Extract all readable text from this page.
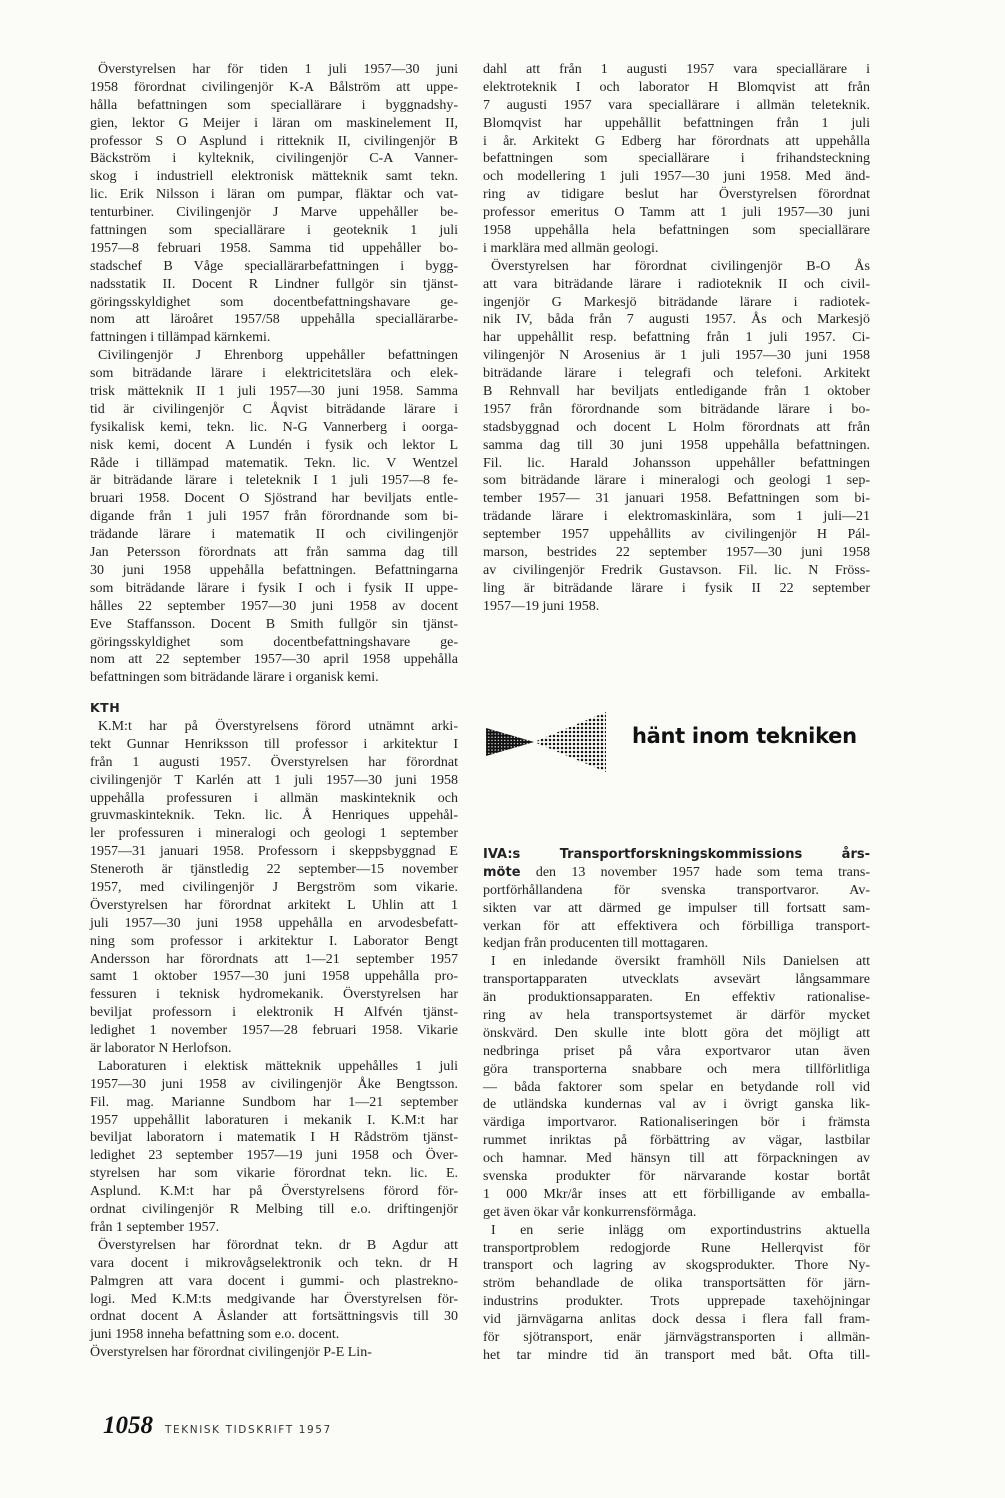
Överstyrelsen har för tiden 1 juli 1957—30 juni
1958 förordnat civilingenjör K-A Bålström att uppe-
hålla befattningen som speciallärare i byggnadshy-
gien, lektor G Meijer i läran om maskinelement II,
professor S O Asplund i ritteknik II, civilingenjör B
Bäckström i kylteknik, civilingenjör C-A Vanner-
skog i industriell elektronisk mätteknik samt tekn.
lic. Erik Nilsson i läran om pumpar, fläktar och vat-
tenturbiner. Civilingenjör J Marve uppehåller be-
fattningen som speciallärare i geoteknik 1 juli
1957—8 februari 1958. Samma tid uppehåller bo-
stadschef B Våge speciallärarbefattningen i bygg-
nadsstatik II. Docent R Lindner fullgör sin tjänst-
göringsskyldighet som docentbefattningshavare ge-
nom att läroåret 1957/58 uppehålla speciallärarbe-
fattningen i tillämpad kärnkemi.
Civilingenjör J Ehrenborg uppehåller befattningen
som biträdande lärare i elektricitetslära och elek-
trisk mätteknik II 1 juli 1957—30 juni 1958. Samma
tid är civilingenjör C Åqvist biträdande lärare i
fysikalisk kemi, tekn. lic. N-G Vannerberg i oorga-
nisk kemi, docent A Lundén i fysik och lektor L
Råde i tillämpad matematik. Tekn. lic. V Wentzel
är biträdande lärare i teleteknik I 1 juli 1957—8 fe-
bruari 1958. Docent O Sjöstrand har beviljats entle-
digande från 1 juli 1957 från förordnande som bi-
trädande lärare i matematik II och civilingenjör
Jan Petersson förordnats att från samma dag till
30 juni 1958 uppehålla befattningen. Befattningarna
som biträdande lärare i fysik I och i fysik II uppe-
hålles 22 september 1957—30 juni 1958 av docent
Eve Staffansson. Docent B Smith fullgör sin tjänst-
göringsskyldighet som docentbefattningshavare ge-
nom att 22 september 1957—30 april 1958 uppehålla
befattningen som biträdande lärare i organisk kemi.
KTH
K.M:t har på Överstyrelsens förord utnämnt arki-
tekt Gunnar Henriksson till professor i arkitektur I
från 1 augusti 1957. Överstyrelsen har förordnat
civilingenjör T Karlén att 1 juli 1957—30 juni 1958
uppehålla professuren i allmän maskinteknik och
gruvmaskinteknik. Tekn. lic. Å Henriques uppehål-
ler professuren i mineralogi och geologi 1 september
1957—31 januari 1958. Professorn i skeppsbyggnad E
Steneroth är tjänstledig 22 september—15 november
1957, med civilingenjör J Bergström som vikarie.
Överstyrelsen har förordnat arkitekt L Uhlin att 1
juli 1957—30 juni 1958 uppehålla en arvodesbefatt-
ning som professor i arkitektur I. Laborator Bengt
Andersson har förordnats att 1—21 september 1957
samt 1 oktober 1957—30 juni 1958 uppehålla pro-
fessuren i teknisk hydromekanik. Överstyrelsen har
beviljat professorn i elektronik H Alfvén tjänst-
ledighet 1 november 1957—28 februari 1958. Vikarie
är laborator N Herlofson.
Laboraturen i elektisk mätteknik uppehålles 1 juli
1957—30 juni 1958 av civilingenjör Åke Bengtsson.
Fil. mag. Marianne Sundbom har 1—21 september
1957 uppehållit laboraturen i mekanik I. K.M:t har
beviljat laboratorn i matematik I H Rådström tjänst-
ledighet 23 september 1957—19 juni 1958 och Över-
styrelsen har som vikarie förordnat tekn. lic. E.
Asplund. K.M:t har på Överstyrelsens förord för-
ordnat civilingenjör R Melbing till e.o. driftingenjör
från 1 september 1957.
Överstyrelsen har förordnat tekn. dr B Agdur att
vara docent i mikrovågselektronik och tekn. dr H
Palmgren att vara docent i gummi- och plastrekno-
logi. Med K.M:ts medgivande har Överstyrelsen för-
ordnat docent A Åslander att fortsättningsvis till 30
juni 1958 inneha befattning som e.o. docent.
Överstyrelsen har förordnat civilingenjör P-E Lin-
dahl att från 1 augusti 1957 vara speciallärare i
elektroteknik I och laborator H Blomqvist att från
7 augusti 1957 vara speciallärare i allmän teleteknik.
Blomqvist har uppehållit befattningen från 1 juli
i år. Arkitekt G Edberg har förordnats att uppehålla
befattningen som speciallärare i frihandsteckning
och modellering 1 juli 1957—30 juni 1958. Med änd-
ring av tidigare beslut har Överstyrelsen förordnat
professor emeritus O Tamm att 1 juli 1957—30 juni
1958 uppehålla hela befattningen som speciallärare
i marklära med allmän geologi.
Överstyrelsen har förordnat civilingenjör B-O Ås
att vara biträdande lärare i radioteknik II och civil-
ingenjör G Markesjö biträdande lärare i radiotek-
nik IV, båda från 7 augusti 1957. Ås och Markesjö
har uppehållit resp. befattning från 1 juli 1957. Ci-
vilingenjör N Arosenius är 1 juli 1957—30 juni 1958
biträdande lärare i telegrafi och telefoni. Arkitekt
B Rehnvall har beviljats entledigande från 1 oktober
1957 från förordnande som biträdande lärare i bo-
stadsbyggnad och docent L Holm förordnats att från
samma dag till 30 juni 1958 uppehålla befattningen.
Fil. lic. Harald Johansson uppehåller befattningen
som biträdande lärare i mineralogi och geologi 1 sep-
tember 1957— 31 januari 1958. Befattningen som bi-
trädande lärare i elektromaskinlära, som 1 juli—21
september 1957 uppehållits av civilingenjör H Pál-
marson, bestrides 22 september 1957—30 juni 1958
av civilingenjör Fredrik Gustavson. Fil. lic. N Fröss-
ling är biträdande lärare i fysik II 22 september
1957—19 juni 1958.
hänt inom tekniken
IVA:s Transportforskningskommissions års-
möte den 13 november 1957 hade som tema trans-
portförhållandena för svenska transportvaror. Av-
sikten var att därmed ge impulser till fortsatt sam-
verkan för att effektivera och förbilliga transport-
kedjan från producenten till mottagaren.
I en inledande översikt framhöll Nils Danielsen att
transportapparaten utvecklats avsevärt långsammare
än produktionsapparaten. En effektiv rationalise-
ring av hela transportsystemet är därför mycket
önskvärd. Den skulle inte blott göra det möjligt att
nedbringa priset på våra exportvaror utan även
göra transporterna snabbare och mera tillförlitliga
— båda faktorer som spelar en betydande roll vid
de utländska kundernas val av i övrigt ganska lik-
värdiga importvaror. Rationaliseringen bör i främsta
rummet inriktas på förbättring av vägar, lastbilar
och hamnar. Med hänsyn till att förpackningen av
svenska produkter för närvarande kostar bortåt
1 000 Mkr/år inses att ett förbilligande av emballa-
get även ökar vår konkurrensförmåga.
I en serie inlägg om exportindustrins aktuella
transportproblem redogjorde Rune Hellerqvist för
transport och lagring av skogsprodukter. Thore Ny-
ström behandlade de olika transportsätten för järn-
industrins produkter. Trots upprepade taxehöjningar
vid järnvägarna anlitas dock dessa i flera fall fram-
för sjötransport, enär järnvägstransporten i allmän-
het tar mindre tid än transport med båt. Ofta till-
1058 TEKNISK TIDSKRIFT 1957
